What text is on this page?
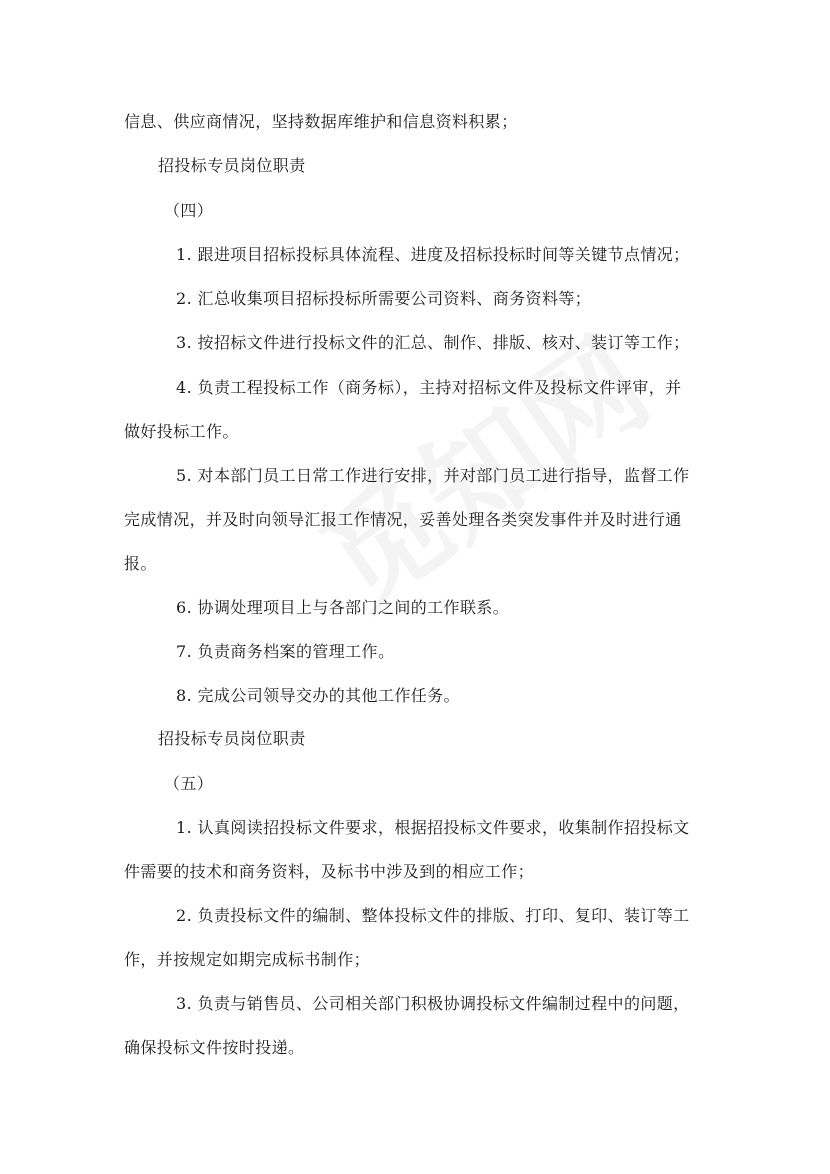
信息、供应商情况，坚持数据库维护和信息资料积累；
招投标专员岗位职责
（四）
1. 跟进项目招标投标具体流程、进度及招标投标时间等关键节点情况；
2. 汇总收集项目招标投标所需要公司资料、商务资料等；
3. 按招标文件进行投标文件的汇总、制作、排版、核对、装订等工作；
4. 负责工程投标工作（商务标），主持对招标文件及投标文件评审，并
做好投标工作。
5. 对本部门员工日常工作进行安排，并对部门员工进行指导，监督工作
完成情况，并及时向领导汇报工作情况，妥善处理各类突发事件并及时进行通
报。
6. 协调处理项目上与各部门之间的工作联系。
7. 负责商务档案的管理工作。
8. 完成公司领导交办的其他工作任务。
招投标专员岗位职责
（五）
1. 认真阅读招投标文件要求，根据招投标文件要求，收集制作招投标文
件需要的技术和商务资料，及标书中涉及到的相应工作；
2. 负责投标文件的编制、整体投标文件的排版、打印、复印、装订等工
作，并按规定如期完成标书制作；
3. 负责与销售员、公司相关部门积极协调投标文件编制过程中的问题，
确保投标文件按时投递。
